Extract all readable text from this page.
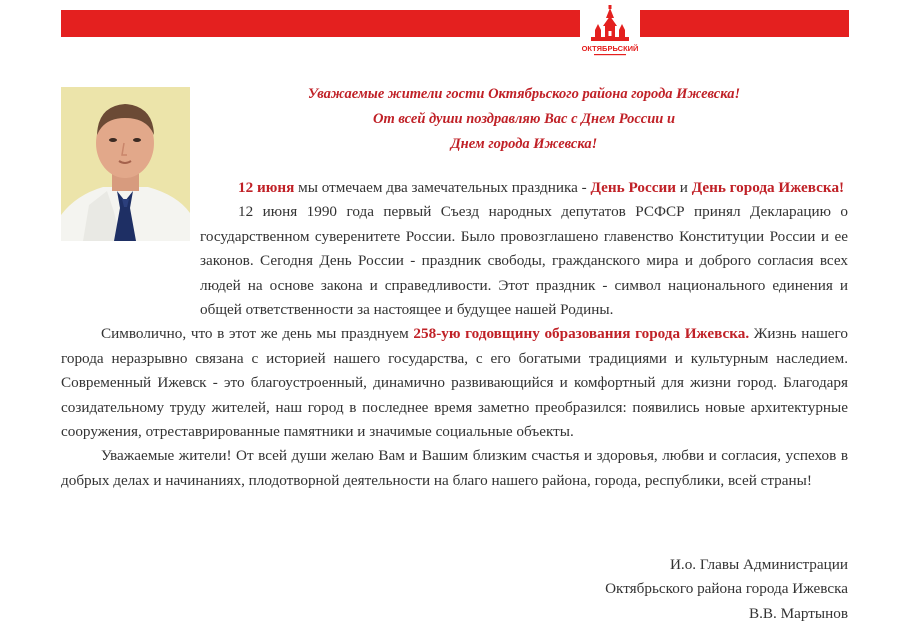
ОКТЯБРЬСКИЙ
Уважаемые жители гости Октябрьского района города Ижевска!
От всей души поздравляю Вас с Днем России и
Днем города Ижевска!

12 июня мы отмечаем два замечательных праздника - День России и День города Ижевска!

12 июня 1990 года первый Съезд народных депутатов РСФСР принял Декларацию о государственном суверенитете России. Было провозглашено главенство Конституции России и ее законов. Сегодня День России - праздник свободы, гражданского мира и доброго согласия всех людей на основе закона и справедливости. Этот праздник - символ национального единения и общей ответственности за настоящее и будущее нашей Родины.

Символично, что в этот же день мы празднуем 258-ую годовщину образования города Ижевска. Жизнь нашего города неразрывно связана с историей нашего государства, с его богатыми традициями и культурным наследием. Современный Ижевск - это благоустроенный, динамично развивающийся и комфортный для жизни город. Благодаря созидательному труду жителей, наш город в последнее время заметно преобразился: появились новые архитектурные сооружения, отреставрированные памятники и значимые социальные объекты.

Уважаемые жители! От всей души желаю Вам и Вашим близким счастья и здоровья, любви и согласия, успехов в добрых делах и начинаниях, плодотворной деятельности на благо нашего района, города, республики, всей страны!

И.о. Главы Администрации
Октябрьского района города Ижевска
В.В. Мартынов
